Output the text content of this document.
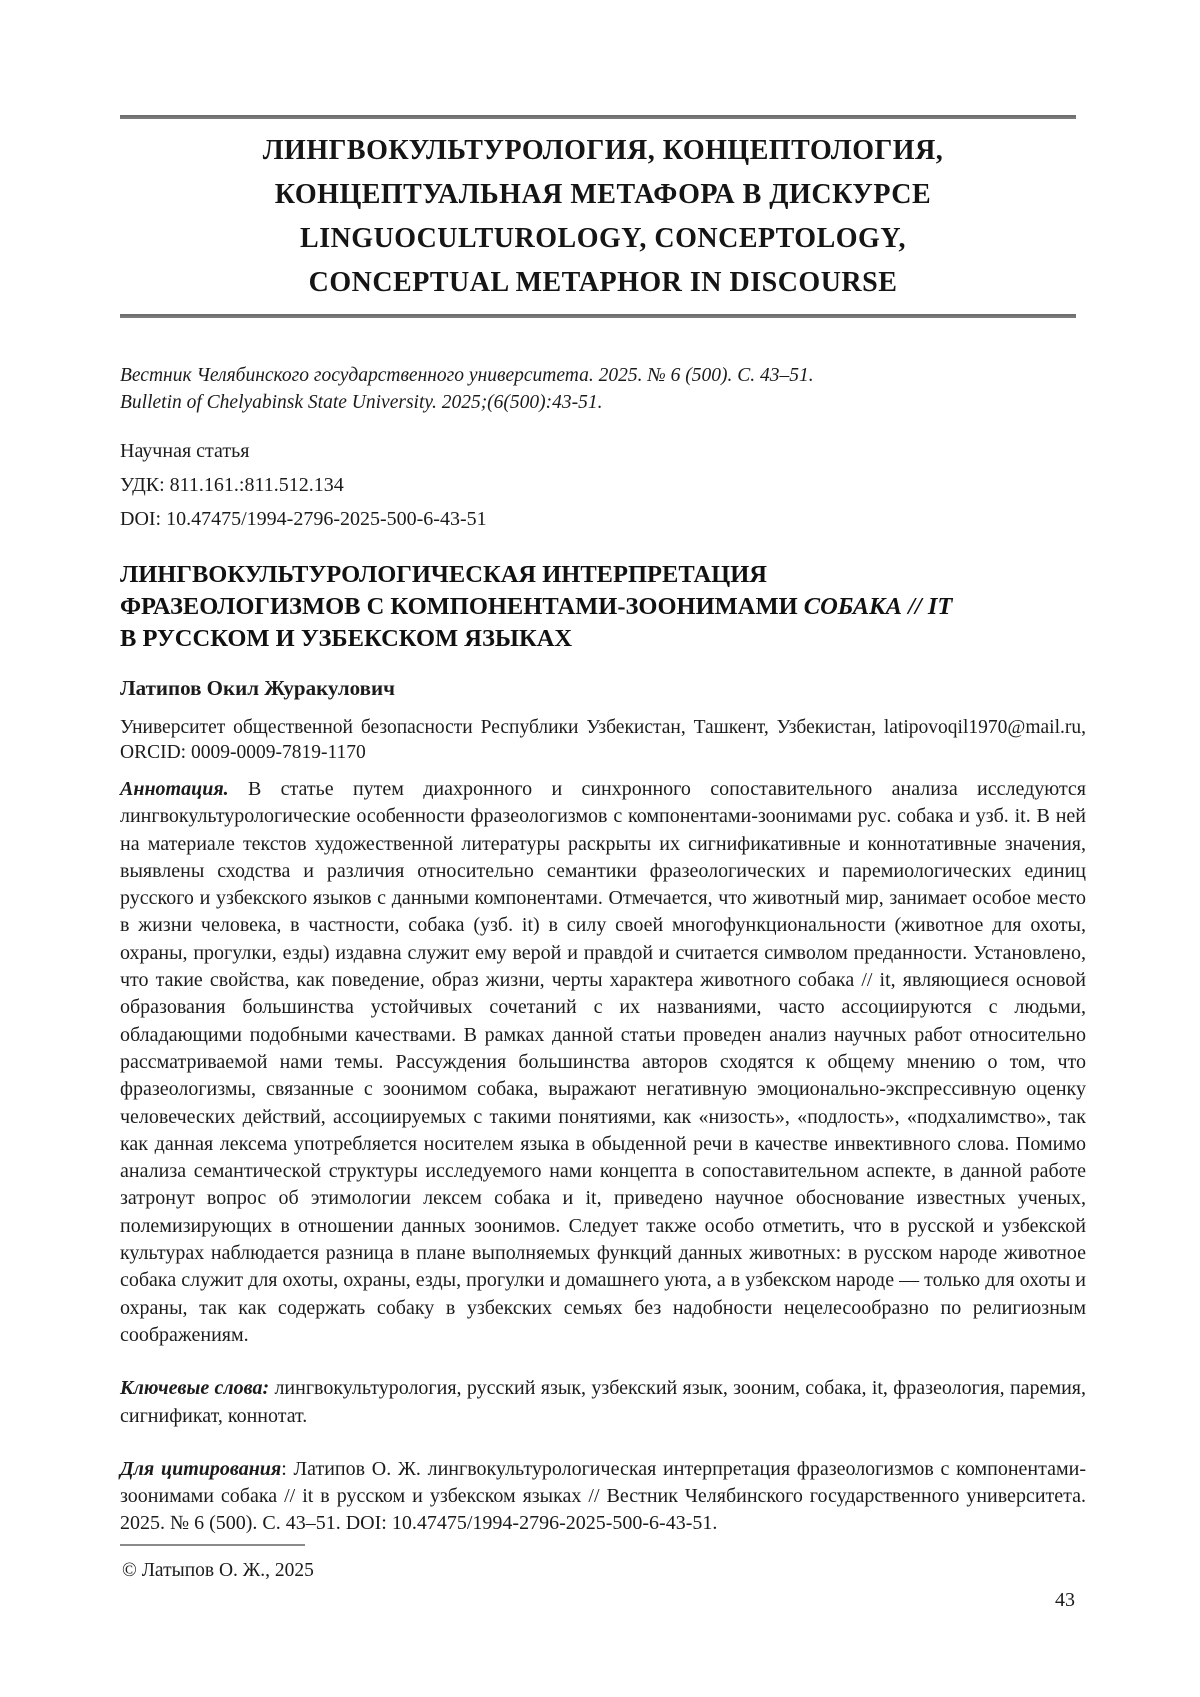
ЛИНГВОКУЛЬТУРОЛОГИЯ, КОНЦЕПТОЛОГИЯ,
КОНЦЕПТУАЛЬНАЯ МЕТАФОРА В ДИСКУРСЕ
LINGUOCULTUROLOGY, CONCEPTOLOGY,
CONCEPTUAL METAPHOR IN DISCOURSE
Вестник Челябинского государственного университета. 2025. № 6 (500). С. 43–51.
Bulletin of Chelyabinsk State University. 2025;(6(500):43-51.
Научная статья
УДК: 811.161.:811.512.134
DOI: 10.47475/1994-2796-2025-500-6-43-51
ЛИНГВОКУЛЬТУРОЛОГИЧЕСКАЯ ИНТЕРПРЕТАЦИЯ
ФРАЗЕОЛОГИЗМОВ С КОМПОНЕНТАМИ-ЗООНИМАМИ СОБАКА // IT
В РУССКОМ И УЗБЕКСКОМ ЯЗЫКАХ
Латипов Окил Журакулович
Университет общественной безопасности Республики Узбекистан, Ташкент, Узбекистан, latipovoqil1970@mail.ru, ORCID: 0009-0009-7819-1170

Аннотация. В статье путем диахронного и синхронного сопоставительного анализа исследуются лингвокультурологические особенности фразеологизмов с компонентами-зоонимами рус. собака и узб. it. В ней на материале текстов художественной литературы раскрыты их сигнификативные и коннотативные значения, выявлены сходства и различия относительно семантики фразеологических и паремиологических единиц русского и узбекского языков с данными компонентами. Отмечается, что животный мир, занимает особое место в жизни человека, в частности, собака (узб. it) в силу своей многофункциональности (животное для охоты, охраны, прогулки, езды) издавна служит ему верой и правдой и считается символом преданности. Установлено, что такие свойства, как поведение, образ жизни, черты характера животного собака // it, являющиеся основой образования большинства устойчивых сочетаний с их названиями, часто ассоциируются с людьми, обладающими подобными качествами. В рамках данной статьи проведен анализ научных работ относительно рассматриваемой нами темы. Рассуждения большинства авторов сходятся к общему мнению о том, что фразеологизмы, связанные с зоонимом собака, выражают негативную эмоционально-экспрессивную оценку человеческих действий, ассоциируемых с такими понятиями, как «низость», «подлость», «подхалимство», так как данная лексема употребляется носителем языка в обыденной речи в качестве инвективного слова. Помимо анализа семантической структуры исследуемого нами концепта в сопоставительном аспекте, в данной работе затронут вопрос об этимологии лексем собака и it, приведено научное обоснование известных ученых, полемизирующих в отношении данных зоонимов. Следует также особо отметить, что в русской и узбекской культурах наблюдается разница в плане выполняемых функций данных животных: в русском народе животное собака служит для охоты, охраны, езды, прогулки и домашнего уюта, а в узбекском народе — только для охоты и охраны, так как содержать собаку в узбекских семьях без надобности нецелесообразно по религиозным соображениям.

Ключевые слова: лингвокультурология, русский язык, узбекский язык, зооним, собака, it, фразеология, паремия, сигнификат, коннотат.

Для цитирования: Латипов О. Ж. лингвокультурологическая интерпретация фразеологизмов с компонентами-зоонимами собака // it в русском и узбекском языках // Вестник Челябинского государственного университета. 2025. № 6 (500). С. 43–51. DOI: 10.47475/1994-2796-2025-500-6-43-51.

© Латыпов О. Ж., 2025
43
